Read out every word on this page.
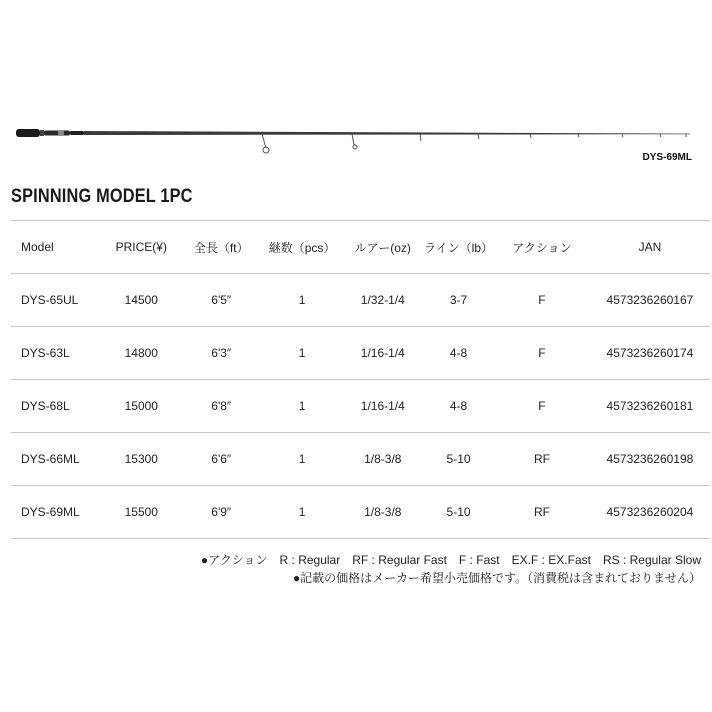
DYS-69ML
SPINNING MODEL 1PC
Model	PRICE(¥)	全長（ft）	継数（pcs）	ルアー(oz)	ライン（lb）	アクション	JAN
DYS-65UL	14500	6'5″	1	1/32-1/4	3-7	F	4573236260167
DYS-63L	14800	6'3″	1	1/16-1/4	4-8	F	4573236260174
DYS-68L	15000	6'8″	1	1/16-1/4	4-8	F	4573236260181
DYS-66ML	15300	6'6″	1	1/8-3/8	5-10	RF	4573236260198
DYS-69ML	15500	6'9″	1	1/8-3/8	5-10	RF	4573236260204
●アクション　R : Regular　RF : Regular Fast　F : Fast　EX.F : EX.Fast　RS : Regular Slow
●記載の価格はメーカー希望小売価格です。（消費税は含まれておりません）
